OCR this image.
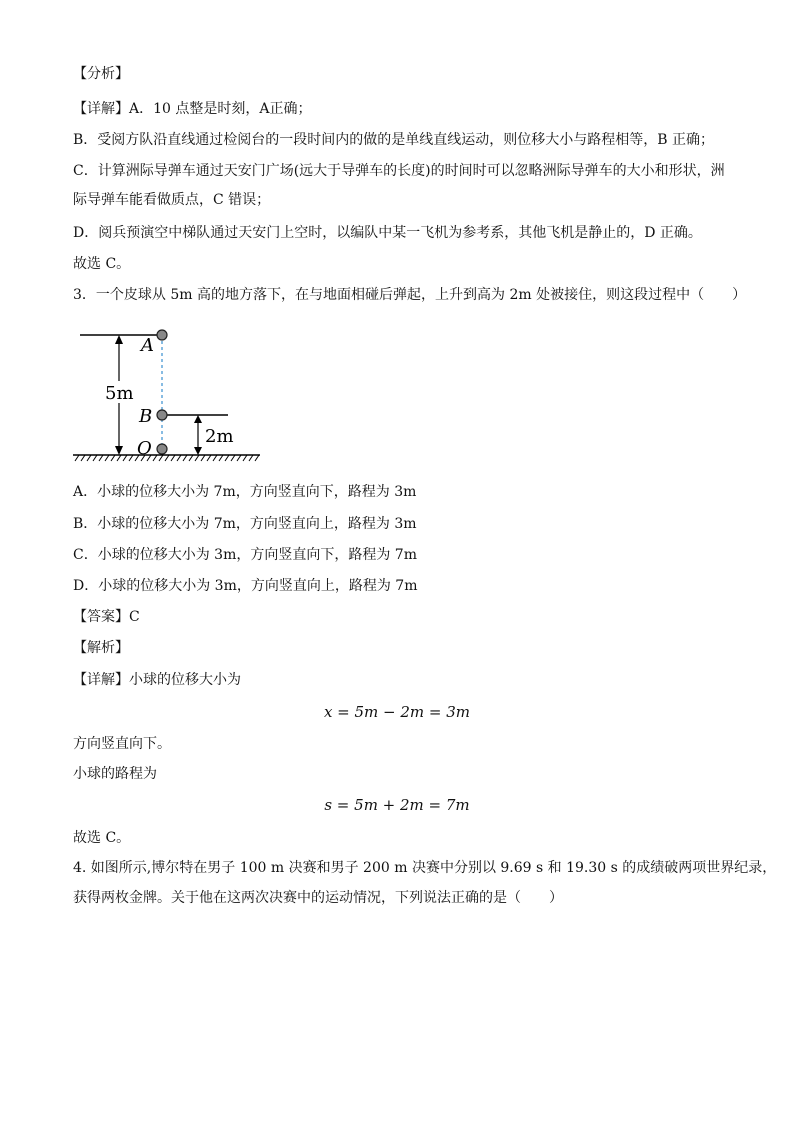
【分析】
【详解】A．10 点整是时刻，A正确；
B．受阅方队沿直线通过检阅台的一段时间内的做的是单线直线运动，则位移大小与路程相等，B 正确；
C．计算洲际导弹车通过天安门广场(远大于导弹车的长度)的时间时可以忽略洲际导弹车的大小和形状，洲
际导弹车能看做质点，C 错误；
D．阅兵预演空中梯队通过天安门上空时，以编队中某一飞机为参考系，其他飞机是静止的，D 正确。
故选 C。
3．一个皮球从 5m 高的地方落下，在与地面相碰后弹起，上升到高为 2m 处被接住，则这段过程中（　　）
5m
2m
A
B
O
A．小球的位移大小为 7m，方向竖直向下，路程为 3m
B．小球的位移大小为 7m，方向竖直向上，路程为 3m
C．小球的位移大小为 3m，方向竖直向下，路程为 7m
D．小球的位移大小为 3m，方向竖直向上，路程为 7m
【答案】C
【解析】
【详解】小球的位移大小为
x = 5m − 2m = 3m
方向竖直向下。
小球的路程为
s = 5m + 2m = 7m
故选 C。
4. 如图所示,博尔特在男子 100 m 决赛和男子 200 m 决赛中分别以 9.69 s 和 19.30 s 的成绩破两项世界纪录，
获得两枚金牌。关于他在这两次决赛中的运动情况，下列说法正确的是（　　）
